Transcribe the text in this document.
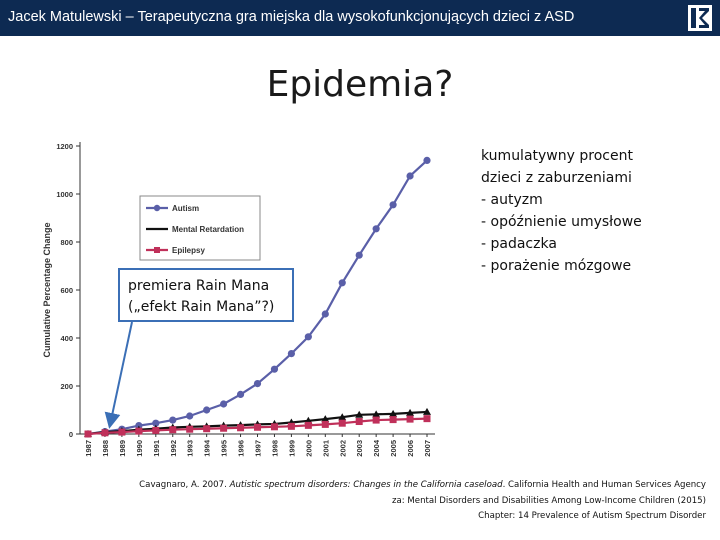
Jacek Matulewski – Terapeutyczna gra miejska dla wysokofunkcjonujących dzieci z ASD
Epidemia?
0
200
400
600
800
1000
1200
Cumulative Percentage Change
1987 1988 1989 1990 1991 1992 1993 1994 1995 1996 1997 1998 1999 2000 2001 2002 2003 2004 2005 2006 2007
Autism
Mental Retardation
Epilepsy
kumulatywny procent
dzieci z zaburzeniami
- autyzm
- opóźnienie umysłowe
- padaczka
- porażenie mózgowe
premiera Rain Mana
(„efekt Rain Mana”?)
Cavagnaro, A. 2007. Autistic spectrum disorders: Changes in the California caseload. California Health and Human Services Agency
za: Mental Disorders and Disabilities Among Low-Income Children (2015)
Chapter: 14 Prevalence of Autism Spectrum Disorder
